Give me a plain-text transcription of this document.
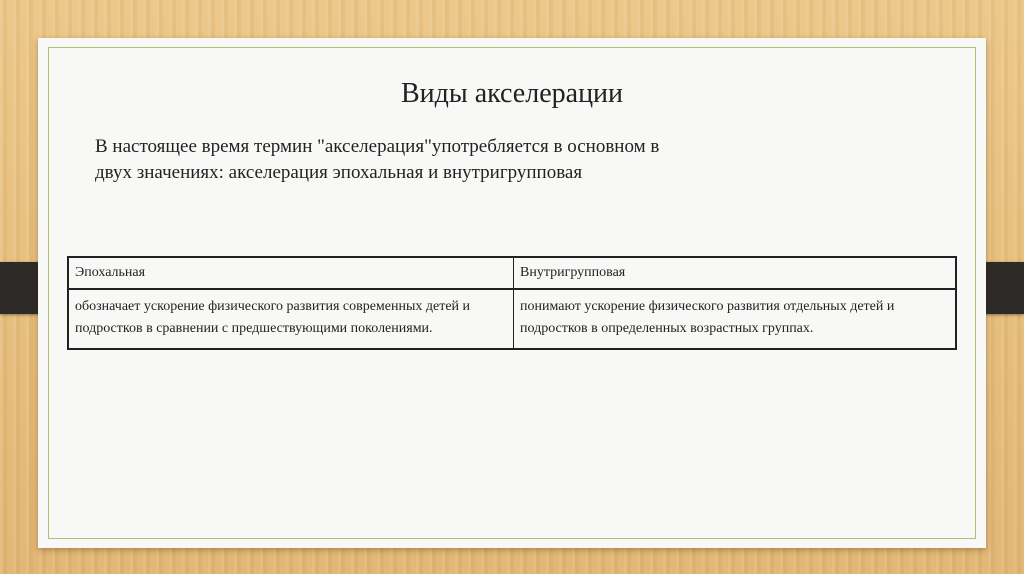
Виды акселерации
В настоящее время термин "акселерация"употребляется в основном в
двух значениях: акселерация эпохальная и внутригрупповая
Эпохальная	Внутригрупповая
обозначает ускорение физического развития современных детей и подростков в сравнении с предшествующими поколениями.	понимают ускорение физического развития отдельных детей и подростков в определенных возрастных группах.
